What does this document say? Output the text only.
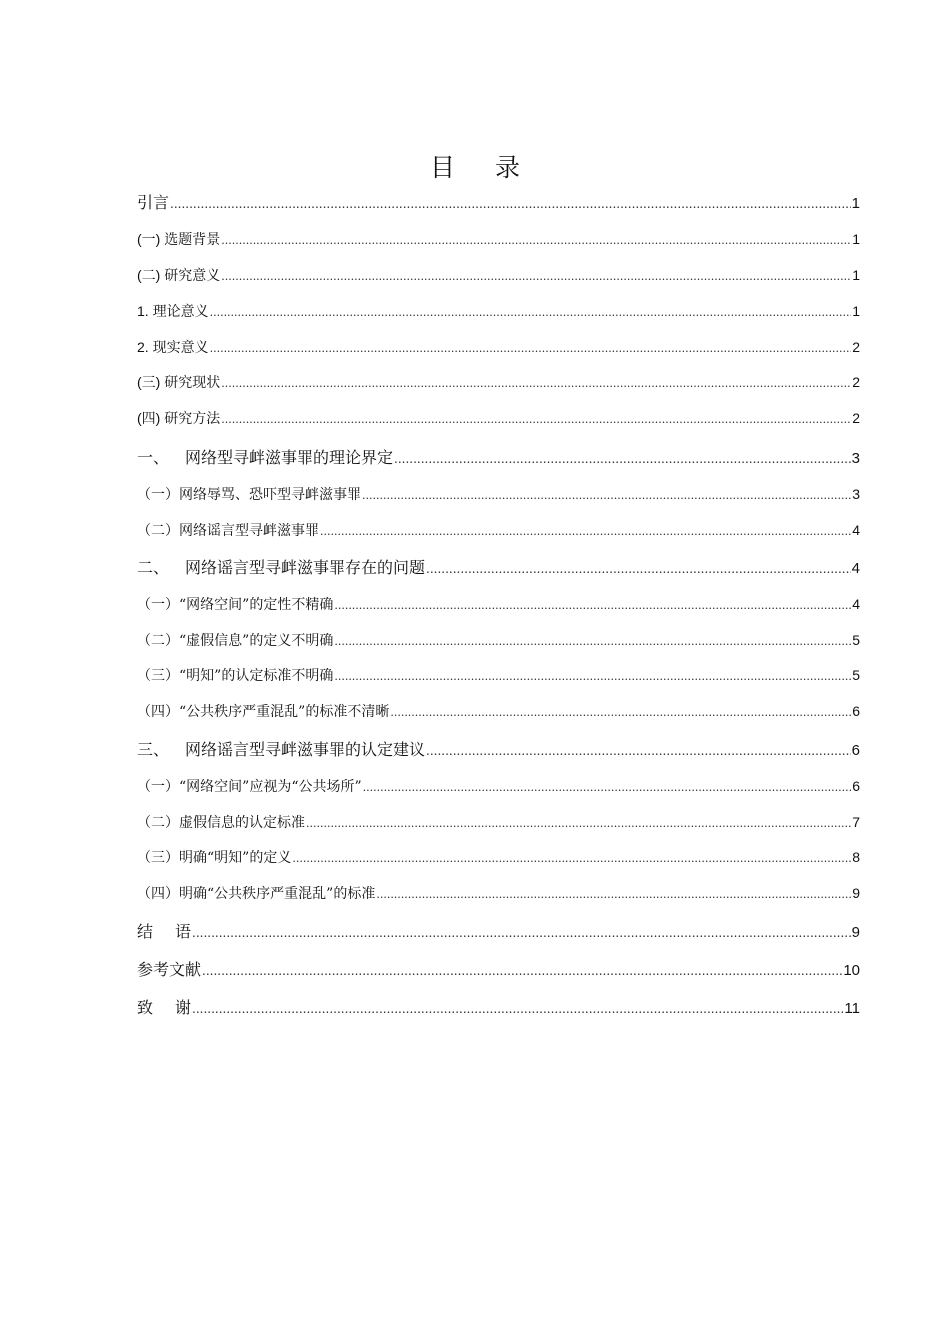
目 录
引言 .....	1
(一) 选题背景 .....	1
(二) 研究意义 .....	1
1. 理论意义 .....	1
2. 现实意义 .....	2
(三) 研究现状 .....	2
(四) 研究方法 .....	2
一、 网络型寻衅滋事罪的理论界定 .....	3
（一）网络辱骂、恐吓型寻衅滋事罪 .....	3
（二）网络谣言型寻衅滋事罪 .....	4
二、 网络谣言型寻衅滋事罪存在的问题 .....	4
（一）“网络空间”的定性不精确 .....	4
（二）“虚假信息”的定义不明确 .....	5
（三）“明知”的认定标准不明确 .....	5
（四）“公共秩序严重混乱”的标准不清晰 .....	6
三、 网络谣言型寻衅滋事罪的认定建议 .....	6
（一）“网络空间”应视为“公共场所” .....	6
（二）虚假信息的认定标准 .....	7
（三）明确“明知”的定义 .....	8
（四）明确“公共秩序严重混乱”的标准 .....	9
结 语 .....	9
参考文献 .....	10
致 谢 .....	11
